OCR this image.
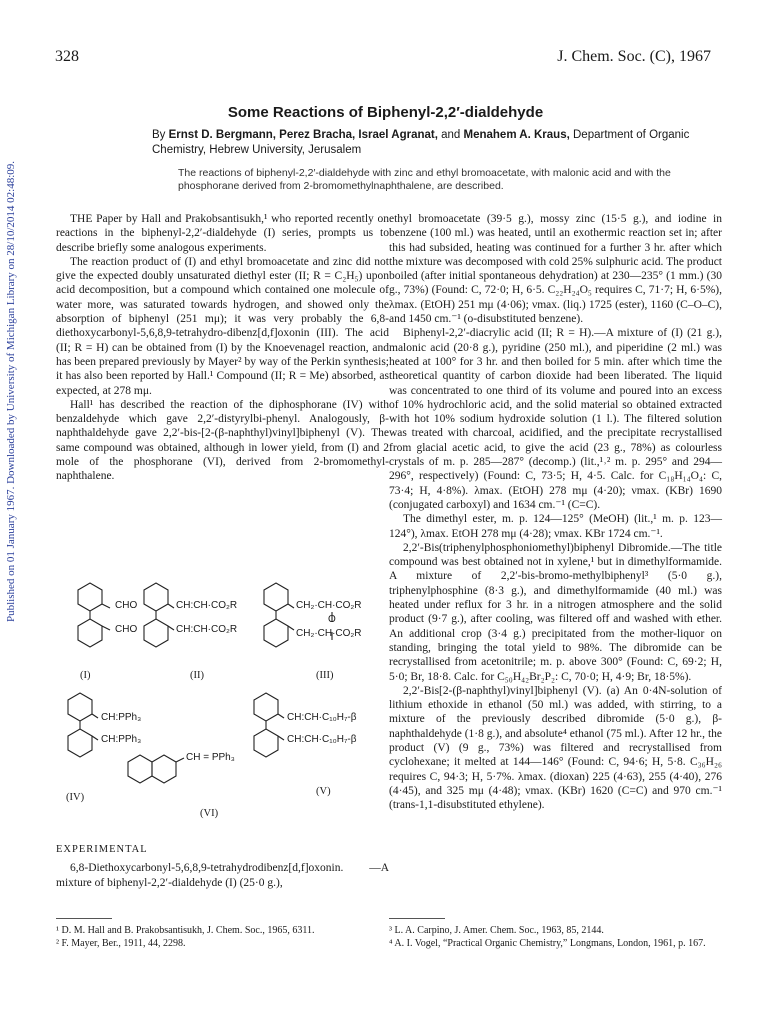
Published on 01 January 1967. Downloaded by University of Michigan Library on 28/10/2014 02:48:09.
328	J. Chem. Soc. (C), 1967
Some Reactions of Biphenyl-2,2′-dialdehyde
By Ernst D. Bergmann, Perez Bracha, Israel Agranat, and Menahem A. Kraus, Department of Organic Chemistry, Hebrew University, Jerusalem
The reactions of biphenyl-2,2′-dialdehyde with zinc and ethyl bromoacetate, with malonic acid and with the phosphorane derived from 2-bromomethylnaphthalene, are described.

THE Paper by Hall and Prakobsantisukh,¹ who reported recently on reactions in the biphenyl-2,2′-dialdehyde (I) series, prompts us to describe briefly some analogous experiments.

The reaction product of (I) and ethyl bromoacetate and zinc did not give the expected doubly unsaturated diethyl ester (II; R = C₂H₅) upon acid decomposition, but a compound which contained one molecule of water more, was saturated towards hydrogen, and showed only the absorption of biphenyl (251 mμ); it was very probably the 6,8-diethoxycarbonyl-5,6,8,9-tetrahydro-dibenz[d,f]oxonin (III). The acid (II; R = H) can be obtained from (I) by the Knoevenagel reaction, and has been prepared previously by Mayer² by way of the Perkin synthesis; it has also been reported by Hall.¹ Compound (II; R = Me) absorbed, as expected, at 278 mμ.

Hall¹ has described the reaction of the diphosphorane (IV) with benzaldehyde which gave 2,2′-distyrylbi-phenyl. Analogously, β-naphthaldehyde gave 2,2′-bis-[2-(β-naphthyl)vinyl]biphenyl (V). The same compound was obtained, although in lower yield, from (I) and 2 mole of the phosphorane (VI), derived from 2-bromomethyl-naphthalene.

CHO
CHO
(I)
CH:CH·CO₂R
CH:CH·CO₂R
(II)
CH₂·CH·CO₂R
O
CH₂·CH·CO₂R
(III)
CH:PPh₃
CH:PPh₃
(IV)
CH:CH·C₁₀H₇-β
CH:CH·C₁₀H₇-β
(V)
CH = PPh₃
(VI)
EXPERIMENTAL

6,8-Diethoxycarbonyl-5,6,8,9-tetrahydrodibenz[d,f]oxonin. —A mixture of biphenyl-2,2′-dialdehyde (I) (25·0 g.),

ethyl bromoacetate (39·5 g.), mossy zinc (15·5 g.), and iodine in benzene (100 ml.) was heated, until an exothermic reaction set in; after this had subsided, heating was continued for a further 3 hr. after which the mixture was decomposed with cold 25% sulphuric acid. The product boiled (after initial spontaneous dehydration) at 230—235° (1 mm.) (30 g., 73%) (Found: C, 72·0; H, 6·5. C₂₂H₂₄O₅ requires C, 71·7; H, 6·5%), λmax. (EtOH) 251 mμ (4·06); νmax. (liq.) 1725 (ester), 1160 (C–O–C), and 1450 cm.⁻¹ (o-disubstituted benzene).

Biphenyl-2,2′-diacrylic acid (II; R = H).—A mixture of (I) (21 g.), malonic acid (20·8 g.), pyridine (250 ml.), and piperidine (2 ml.) was heated at 100° for 3 hr. and then boiled for 5 min. after which time the theoretical quantity of carbon dioxide had been liberated. The liquid was concentrated to one third of its volume and poured into an excess of 10% hydrochloric acid, and the solid material so obtained extracted with hot 10% sodium hydroxide solution (1 l.). The filtered solution was treated with charcoal, acidified, and the precipitate recrystallised from glacial acetic acid, to give the acid (23 g., 78%) as colourless crystals of m. p. 285—287° (decomp.) (lit.,¹˒² m. p. 295° and 294—296°, respectively) (Found: C, 73·5; H, 4·5. Calc. for C₁₈H₁₄O₄: C, 73·4; H, 4·8%). λmax. (EtOH) 278 mμ (4·20); νmax. (KBr) 1690 (conjugated carboxyl) and 1634 cm.⁻¹ (C=C).

The dimethyl ester, m. p. 124—125° (MeOH) (lit.,¹ m. p. 123—124°), λmax. EtOH 278 mμ (4·28); νmax. KBr 1724 cm.⁻¹.

2,2′-Bis(triphenylphosphoniomethyl)biphenyl Dibromide.—The title compound was best obtained not in xylene,¹ but in dimethylformamide. A mixture of 2,2′-bis-bromo-methylbiphenyl³ (5·0 g.), triphenylphosphine (8·3 g.), and dimethylformamide (40 ml.) was heated under reflux for 3 hr. in a nitrogen atmosphere and the solid product (9·7 g.), after cooling, was filtered off and washed with ether. An additional crop (3·4 g.) precipitated from the mother-liquor on standing, bringing the total yield to 98%. The dibromide can be recrystallised from acetonitrile; m. p. above 300° (Found: C, 69·2; H, 5·0; Br, 18·8. Calc. for C₅₀H₄₂Br₂P₂: C, 70·0; H, 4·9; Br, 18·5%).

2,2′-Bis[2-(β-naphthyl)vinyl]biphenyl (V). (a) An 0·4N-solution of lithium ethoxide in ethanol (50 ml.) was added, with stirring, to a mixture of the previously described dibromide (5·0 g.), β-naphthaldehyde (1·8 g.), and absolute⁴ ethanol (75 ml.). After 12 hr., the product (V) (9 g., 73%) was filtered and recrystallised from cyclohexane; it melted at 144—146° (Found: C, 94·6; H, 5·8. C₃₆H₂₆ requires C, 94·3; H, 5·7%. λmax. (dioxan) 225 (4·63), 255 (4·40), 276 (4·45), and 325 mμ (4·48); νmax. (KBr) 1620 (C=C) and 970 cm.⁻¹ (trans-1,1-disubstituted ethylene).

¹ D. M. Hall and B. Prakobsantisukh, J. Chem. Soc., 1965, 6311.
² F. Mayer, Ber., 1911, 44, 2298.
³ L. A. Carpino, J. Amer. Chem. Soc., 1963, 85, 2144.
⁴ A. I. Vogel, “Practical Organic Chemistry,” Longmans, London, 1961, p. 167.
